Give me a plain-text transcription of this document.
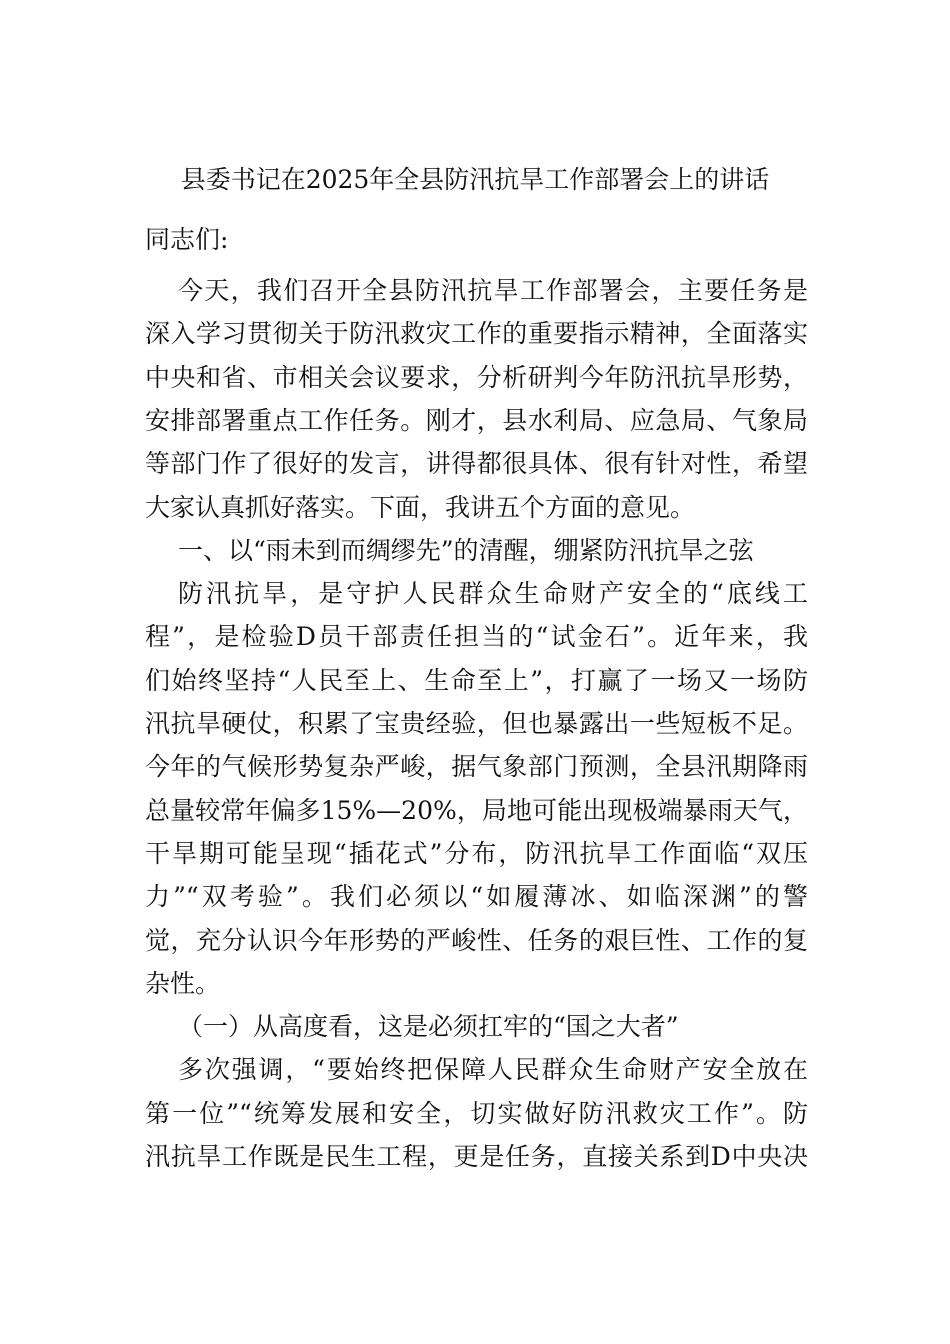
县委书记在2025年全县防汛抗旱工作部署会上的讲话
同志们:
今天，我们召开全县防汛抗旱工作部署会，主要任务是
深入学习贯彻关于防汛救灾工作的重要指示精神，全面落实
中央和省、市相关会议要求，分析研判今年防汛抗旱形势，
安排部署重点工作任务。刚才，县水利局、应急局、气象局
等部门作了很好的发言，讲得都很具体、很有针对性，希望
大家认真抓好落实。下面，我讲五个方面的意见。
一、以“雨未到而绸缪先”的清醒，绷紧防汛抗旱之弦
防汛抗旱，是守护人民群众生命财产安全的“底线工
程”，是检验D员干部责任担当的“试金石”。近年来，我
们始终坚持“人民至上、生命至上”，打赢了一场又一场防
汛抗旱硬仗，积累了宝贵经验，但也暴露出一些短板不足。
今年的气候形势复杂严峻，据气象部门预测，全县汛期降雨
总量较常年偏多15%—20%，局地可能出现极端暴雨天气，
干旱期可能呈现“插花式”分布，防汛抗旱工作面临“双压
力”“双考验”。我们必须以“如履薄冰、如临深渊”的警
觉，充分认识今年形势的严峻性、任务的艰巨性、工作的复
杂性。
（一）从高度看，这是必须扛牢的“国之大者”
多次强调，“要始终把保障人民群众生命财产安全放在
第一位”“统筹发展和安全，切实做好防汛救灾工作”。防
汛抗旱工作既是民生工程，更是任务，直接关系到D中央决
